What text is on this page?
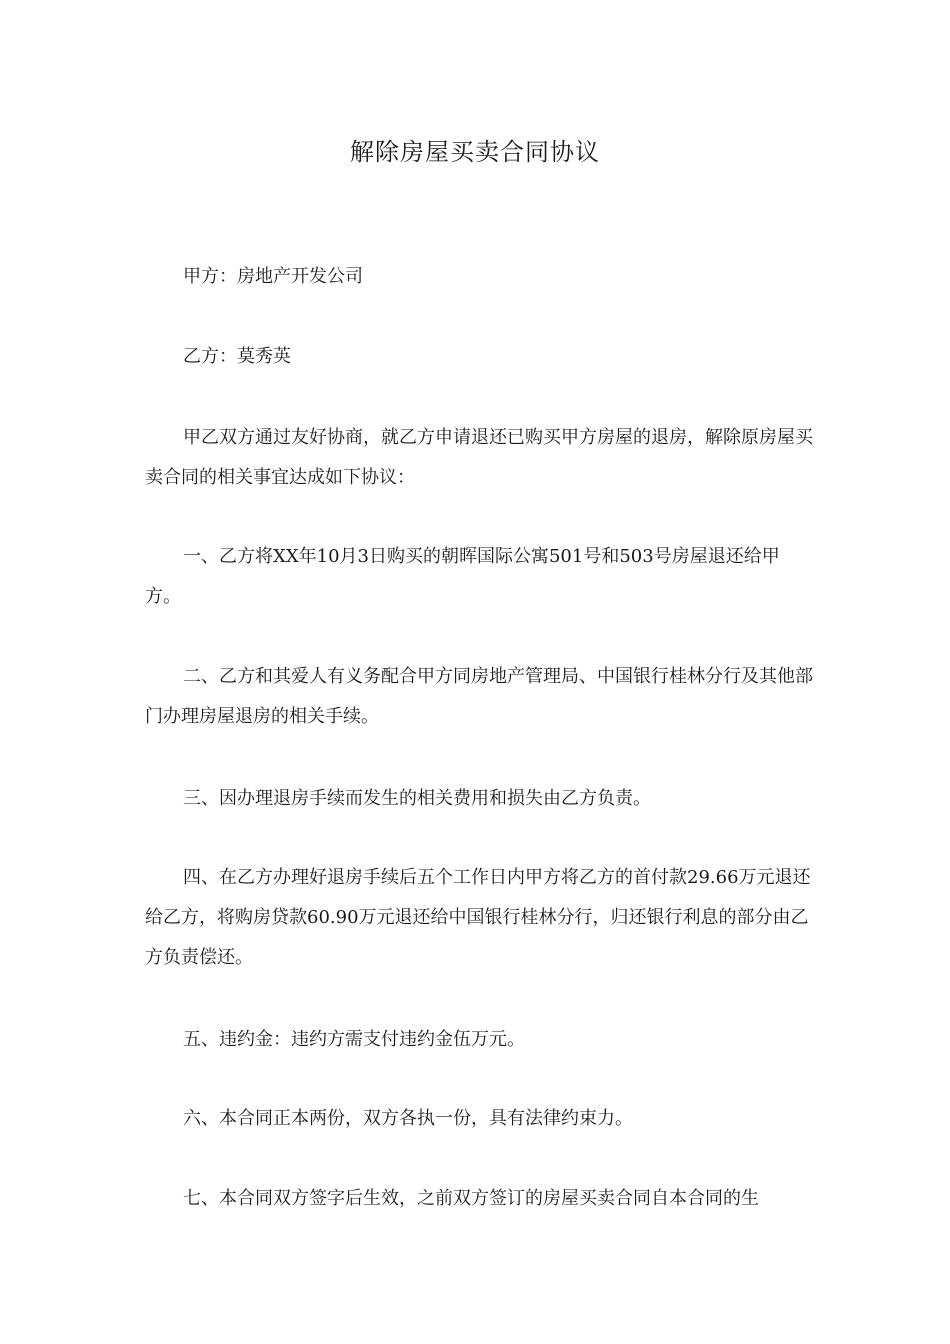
解除房屋买卖合同协议

甲方：房地产开发公司

乙方：莫秀英

甲乙双方通过友好协商，就乙方申请退还已购买甲方房屋的退房，解除原房屋买卖合同的相关事宜达成如下协议：

一、乙方将XX年10月3日购买的朝晖国际公寓501号和503号房屋退还给甲方。

二、乙方和其爱人有义务配合甲方同房地产管理局、中国银行桂林分行及其他部门办理房屋退房的相关手续。

三、因办理退房手续而发生的相关费用和损失由乙方负责。

四、在乙方办理好退房手续后五个工作日内甲方将乙方的首付款29.66万元退还给乙方，将购房贷款60.90万元退还给中国银行桂林分行，归还银行利息的部分由乙方负责偿还。

五、违约金：违约方需支付违约金伍万元。

六、本合同正本两份，双方各执一份，具有法律约束力。

七、本合同双方签字后生效，之前双方签订的房屋买卖合同自本合同的生
